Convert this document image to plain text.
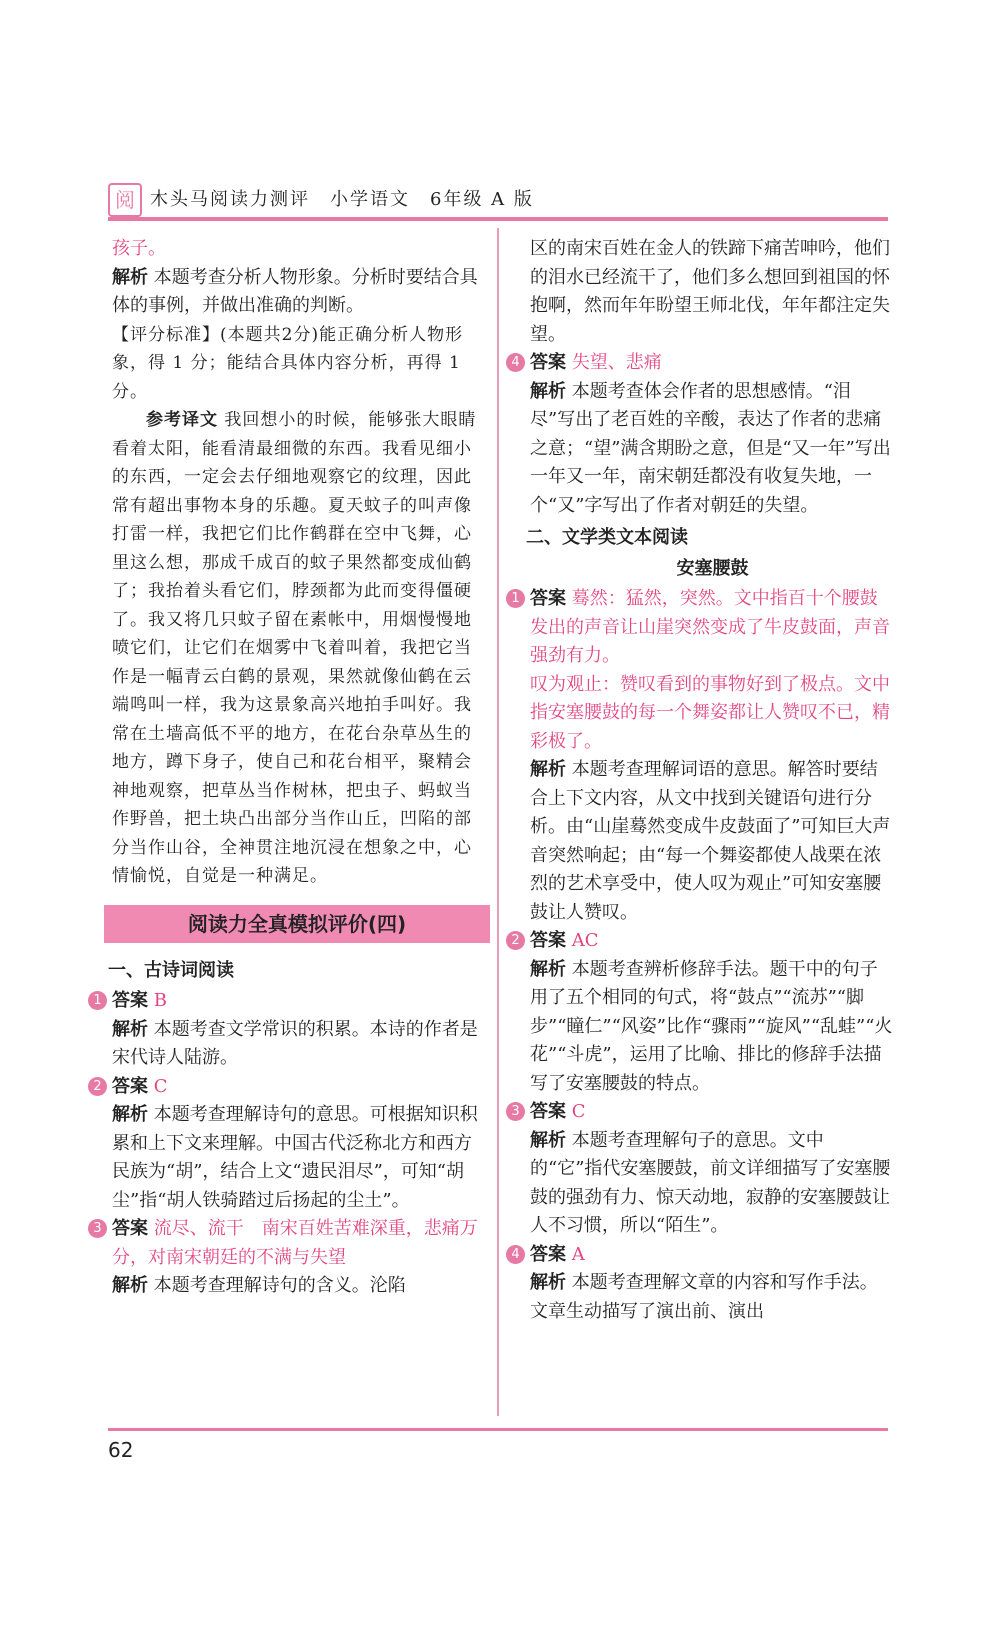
阅 木头马阅读力测评　小学语文　6年级 A 版

孩子。

解析 本题考查分析人物形象。分析时要结合具体的事例，并做出准确的判断。

【评分标准】(本题共2分)能正确分析人物形象，得 1 分；能结合具体内容分析，再得 1 分。

参考译文 我回想小的时候，能够张大眼睛看着太阳，能看清最细微的东西。我看见细小的东西，一定会去仔细地观察它的纹理，因此常有超出事物本身的乐趣。夏天蚊子的叫声像打雷一样，我把它们比作鹤群在空中飞舞，心里这么想，那成千成百的蚊子果然都变成仙鹤了；我抬着头看它们，脖颈都为此而变得僵硬了。我又将几只蚊子留在素帐中，用烟慢慢地喷它们，让它们在烟雾中飞着叫着，我把它当作是一幅青云白鹤的景观，果然就像仙鹤在云端鸣叫一样，我为这景象高兴地拍手叫好。我常在土墙高低不平的地方，在花台杂草丛生的地方，蹲下身子，使自己和花台相平，聚精会神地观察，把草丛当作树林，把虫子、蚂蚁当作野兽，把土块凸出部分当作山丘，凹陷的部分当作山谷，全神贯注地沉浸在想象之中，心情愉悦，自觉是一种满足。

阅读力全真模拟评价(四)

一、古诗词阅读

1 答案 B

解析 本题考查文学常识的积累。本诗的作者是宋代诗人陆游。

2 答案 C

解析 本题考查理解诗句的意思。可根据知识积累和上下文来理解。中国古代泛称北方和西方民族为“胡”，结合上文“遗民泪尽”，可知“胡尘”指“胡人铁骑踏过后扬起的尘土”。

3 答案 流尽、流干　南宋百姓苦难深重，悲痛万分，对南宋朝廷的不满与失望

解析 本题考查理解诗句的含义。沦陷

区的南宋百姓在金人的铁蹄下痛苦呻吟，他们的泪水已经流干了，他们多么想回到祖国的怀抱啊，然而年年盼望王师北伐，年年都注定失望。

4 答案 失望、悲痛

解析 本题考查体会作者的思想感情。“泪尽”写出了老百姓的辛酸，表达了作者的悲痛之意；“望”满含期盼之意，但是“又一年”写出一年又一年，南宋朝廷都没有收复失地，一个“又”字写出了作者对朝廷的失望。

二、文学类文本阅读

安塞腰鼓

1 答案 蓦然：猛然，突然。文中指百十个腰鼓发出的声音让山崖突然变成了牛皮鼓面，声音强劲有力。

叹为观止：赞叹看到的事物好到了极点。文中指安塞腰鼓的每一个舞姿都让人赞叹不已，精彩极了。

解析 本题考查理解词语的意思。解答时要结合上下文内容，从文中找到关键语句进行分析。由“山崖蓦然变成牛皮鼓面了”可知巨大声音突然响起；由“每一个舞姿都使人战栗在浓烈的艺术享受中，使人叹为观止”可知安塞腰鼓让人赞叹。

2 答案 AC

解析 本题考查辨析修辞手法。题干中的句子用了五个相同的句式，将“鼓点”“流苏”“脚步”“瞳仁”“风姿”比作“骤雨”“旋风”“乱蛙”“火花”“斗虎”，运用了比喻、排比的修辞手法描写了安塞腰鼓的特点。

3 答案 C

解析 本题考查理解句子的意思。文中的“它”指代安塞腰鼓，前文详细描写了安塞腰鼓的强劲有力、惊天动地，寂静的安塞腰鼓让人不习惯，所以“陌生”。

4 答案 A

解析 本题考查理解文章的内容和写作手法。文章生动描写了演出前、演出

62
